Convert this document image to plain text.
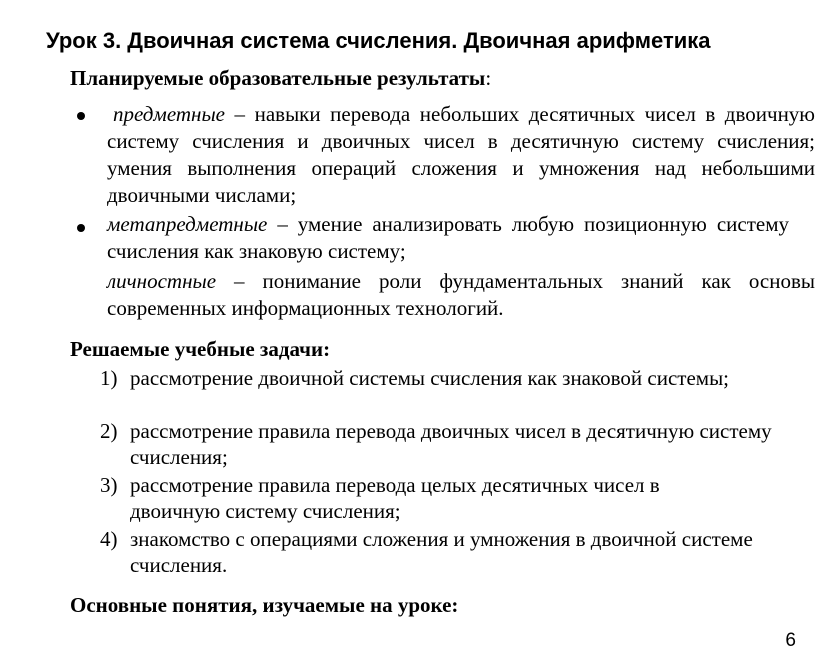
Урок 3. Двоичная система счисления. Двоичная арифметика
Планируемые образовательные результаты:

предметные – навыки перевода небольших десятичных чисел в двоичную систему счисления и двоичных чисел в десятичную систему счисления; умения выполнения операций сложения и умножения над небольшими двоичными числами;

метапредметные – умение анализировать любую позиционную систему счисления как знаковую систему;

личностные – понимание роли фундаментальных знаний как основы современных информационных технологий.

Решаемые учебные задачи:
1) рассмотрение двоичной системы счисления как знаковой системы;
2) рассмотрение правила перевода двоичных чисел в десятичную систему счисления;
3) рассмотрение правила перевода целых десятичных чисел в двоичную систему счисления;
4) знакомство с операциями сложения и умножения в двоичной системе счисления.
Основные понятия, изучаемые на уроке:
6
